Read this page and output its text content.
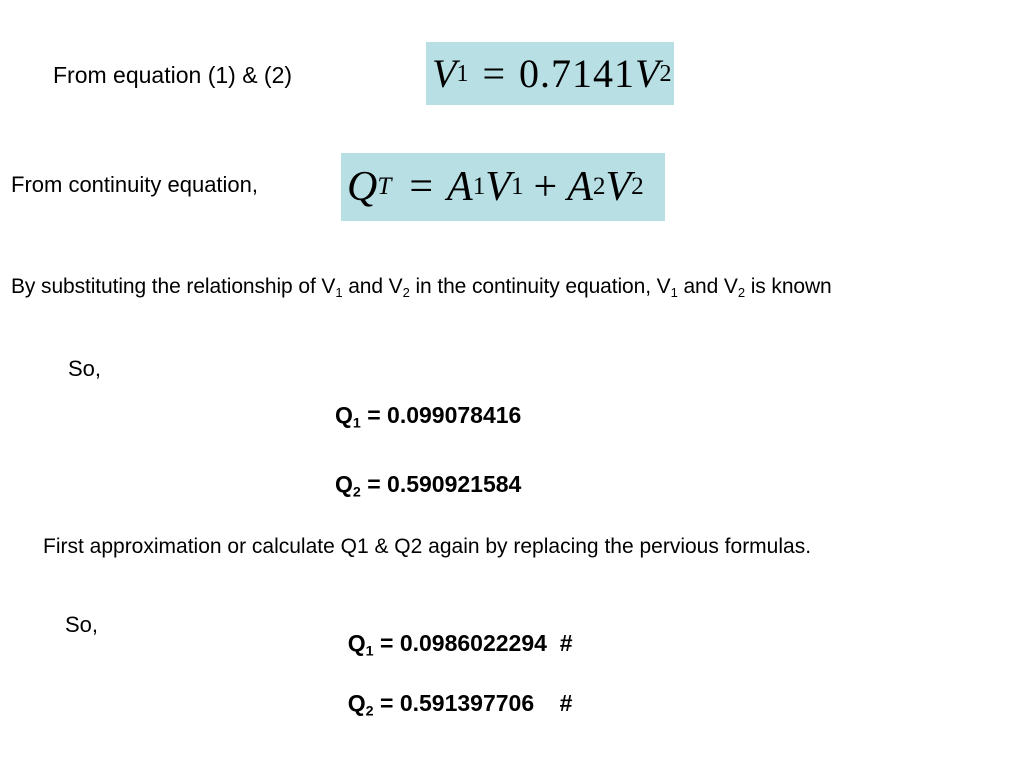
From equation (1) & (2)	V 1 = 0.7141 V 2
From continuity equation, Q T = A 1 V 1 + A 2 V 2
By substituting the relationship of $V_1$ and $V_2$ in the continuity equation, $V_1$ and $V_2$ is known
So,
$Q_1 = 0.099078416$
$Q_2 = 0.590921584$
First approximation or calculate Q1 & Q2 again by replacing the pervious formulas.
So,

$Q_1 = 0.0986022294$  #

$Q_2 = 0.591397706$    #
